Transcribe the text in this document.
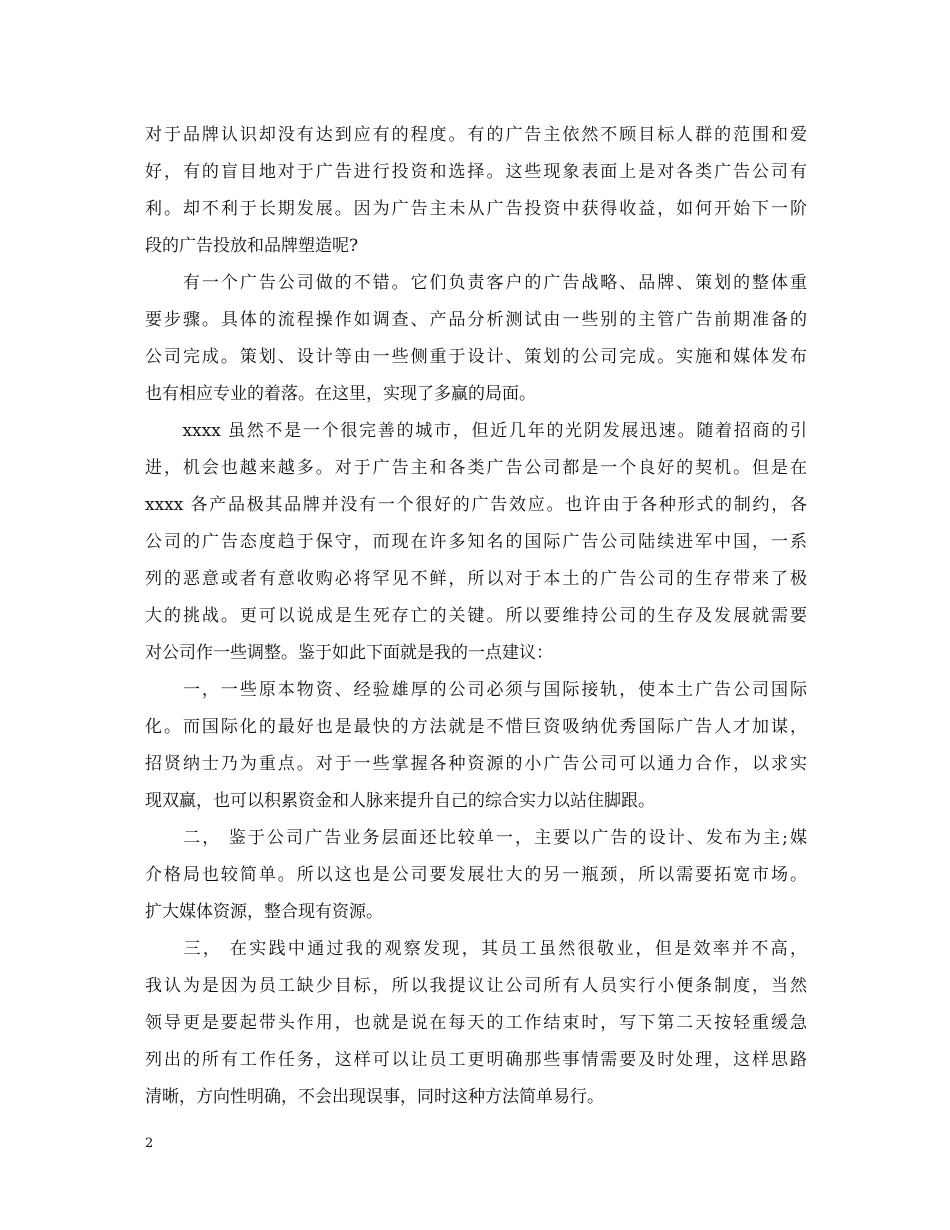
对于品牌认识却没有达到应有的程度。有的广告主依然不顾目标人群的范围和爱
好，有的盲目地对于广告进行投资和选择。这些现象表面上是对各类广告公司有
利。却不利于长期发展。因为广告主未从广告投资中获得收益，如何开始下一阶
段的广告投放和品牌塑造呢?
　　有一个广告公司做的不错。它们负责客户的广告战略、品牌、策划的整体重
要步骤。具体的流程操作如调查、产品分析测试由一些别的主管广告前期准备的
公司完成。策划、设计等由一些侧重于设计、策划的公司完成。实施和媒体发布
也有相应专业的着落。在这里，实现了多赢的局面。
　　xxxx 虽然不是一个很完善的城市，但近几年的光阴发展迅速。随着招商的引
进，机会也越来越多。对于广告主和各类广告公司都是一个良好的契机。但是在
xxxx 各产品极其品牌并没有一个很好的广告效应。也许由于各种形式的制约，各
公司的广告态度趋于保守，而现在许多知名的国际广告公司陆续进军中国，一系
列的恶意或者有意收购必将罕见不鲜，所以对于本土的广告公司的生存带来了极
大的挑战。更可以说成是生死存亡的关键。所以要维持公司的生存及发展就需要
对公司作一些调整。鉴于如此下面就是我的一点建议：
　　一，一些原本物资、经验雄厚的公司必须与国际接轨，使本土广告公司国际
化。而国际化的最好也是最快的方法就是不惜巨资吸纳优秀国际广告人才加谋，
招贤纳士乃为重点。对于一些掌握各种资源的小广告公司可以通力合作，以求实
现双赢，也可以积累资金和人脉来提升自己的综合实力以站住脚跟。
　　二， 鉴于公司广告业务层面还比较单一，主要以广告的设计、发布为主;媒
介格局也较简单。所以这也是公司要发展壮大的另一瓶颈，所以需要拓宽市场。
扩大媒体资源，整合现有资源。
　　三， 在实践中通过我的观察发现，其员工虽然很敬业，但是效率并不高，
我认为是因为员工缺少目标，所以我提议让公司所有人员实行小便条制度，当然
领导更是要起带头作用，也就是说在每天的工作结束时，写下第二天按轻重缓急
列出的所有工作任务，这样可以让员工更明确那些事情需要及时处理，这样思路
清晰，方向性明确，不会出现误事，同时这种方法简单易行。
2
